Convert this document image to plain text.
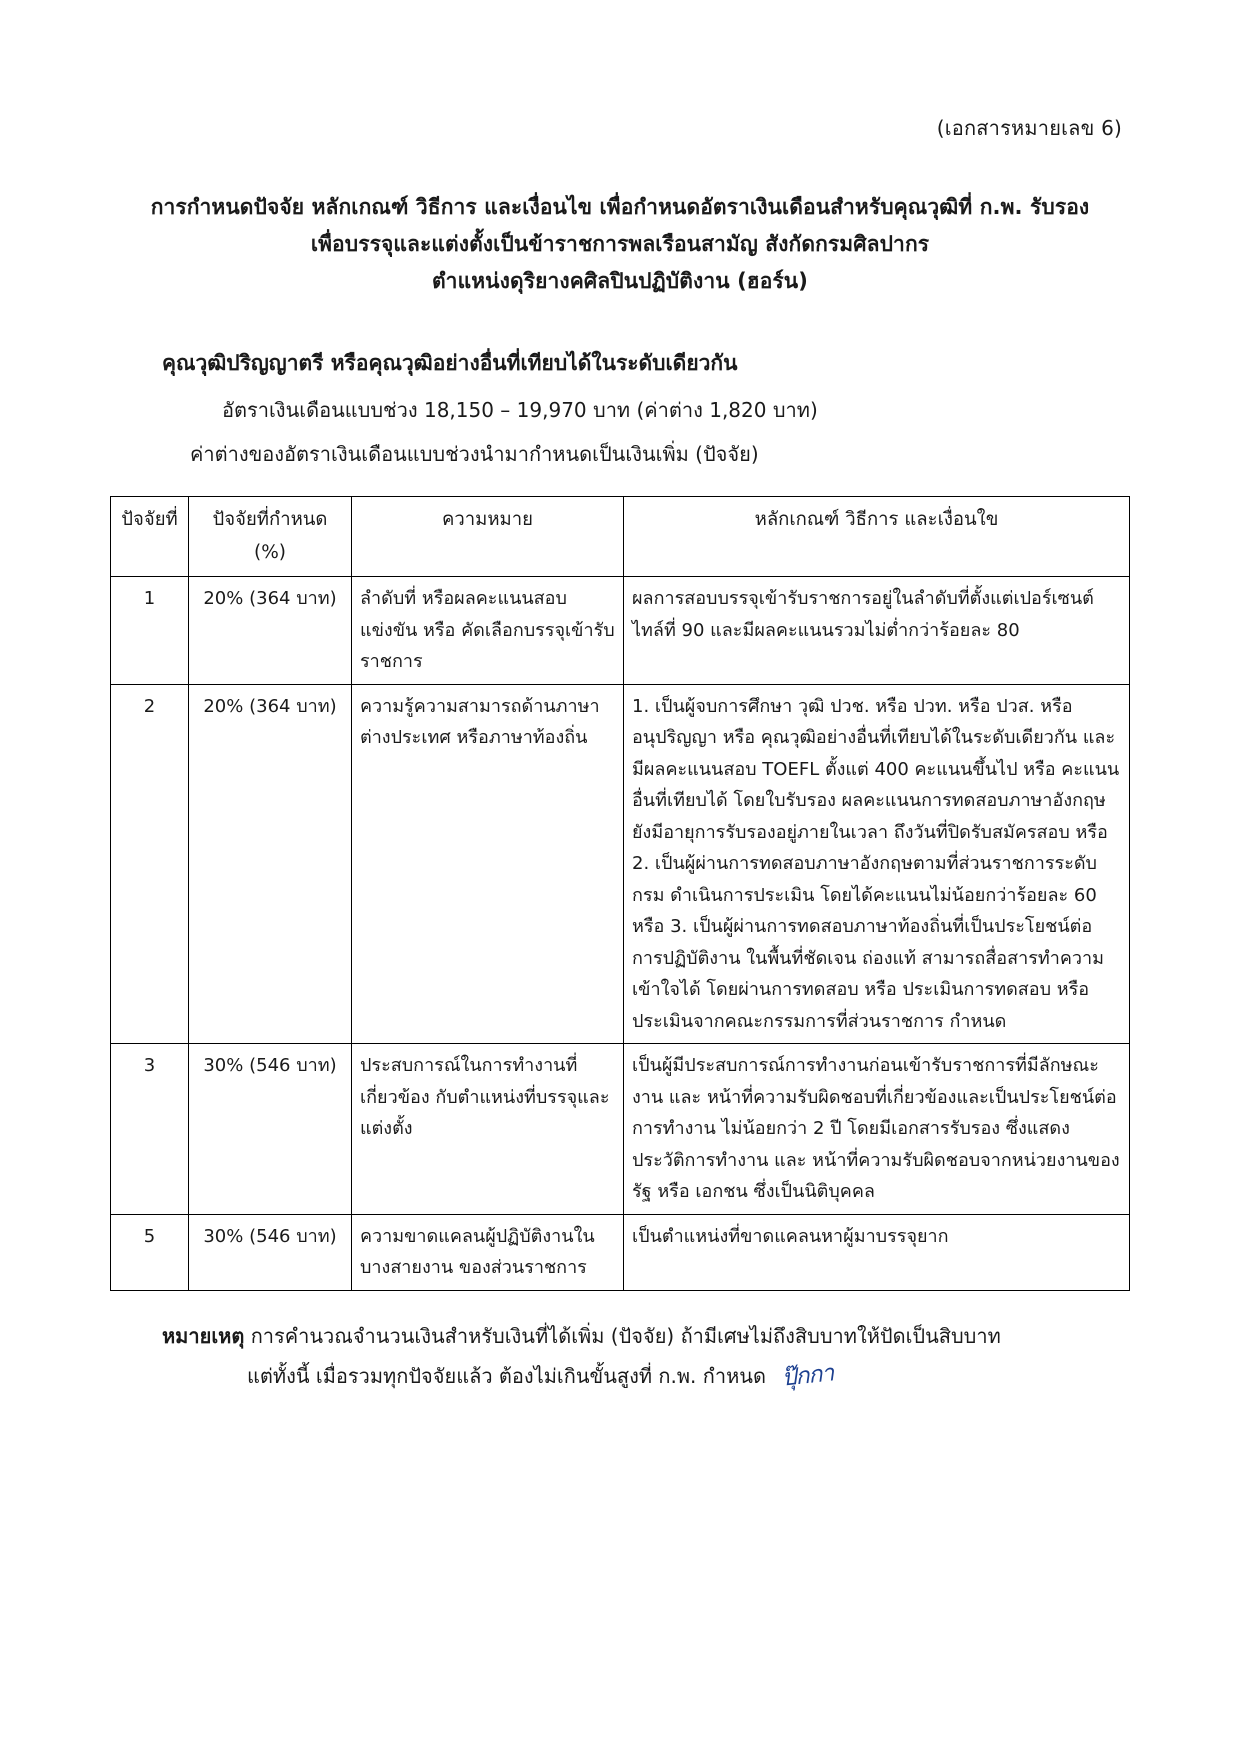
(เอกสารหมายเลข 6)
การกำหนดปัจจัย หลักเกณฑ์ วิธีการ และเงื่อนไข เพื่อกำหนดอัตราเงินเดือนสำหรับคุณวุฒิที่ ก.พ. รับรอง
เพื่อบรรจุและแต่งตั้งเป็นข้าราชการพลเรือนสามัญ สังกัดกรมศิลปากร
ตำแหน่งดุริยางคศิลปินปฏิบัติงาน (ฮอร์น)
คุณวุฒิปริญญาตรี หรือคุณวุฒิอย่างอื่นที่เทียบได้ในระดับเดียวกัน
อัตราเงินเดือนแบบช่วง 18,150 – 19,970 บาท (ค่าต่าง 1,820 บาท)
ค่าต่างของอัตราเงินเดือนแบบช่วงนำมากำหนดเป็นเงินเพิ่ม (ปัจจัย)
ปัจจัยที่	ปัจจัยที่กำหนด (%)	ความหมาย	หลักเกณฑ์ วิธีการ และเงื่อนใข
1	20% (364 บาท)	ลำดับที่ หรือผลคะแนนสอบแข่งขัน หรือ คัดเลือกบรรจุเข้ารับราชการ	ผลการสอบบรรจุเข้ารับราชการอยู่ในลำดับที่ตั้งแต่เปอร์เซนต์ไทล์ที่ 90 และมีผลคะแนนรวมไม่ต่ำกว่าร้อยละ 80
2	20% (364 บาท)	ความรู้ความสามารถด้านภาษาต่างประเทศ หรือภาษาท้องถิ่น	1. เป็นผู้จบการศึกษา วุฒิ ปวช. หรือ ปวท. หรือ ปวส. หรือ อนุปริญญา หรือ คุณวุฒิอย่างอื่นที่เทียบได้ในระดับเดียวกัน และมีผลคะแนนสอบ TOEFL ตั้งแต่ 400 คะแนนขึ้นไป หรือ คะแนนอื่นที่เทียบได้ โดยใบรับรอง ผลคะแนนการทดสอบภาษาอังกฤษยังมีอายุการรับรองอยู่ภายในเวลา ถึงวันที่ปิดรับสมัครสอบ หรือ 2. เป็นผู้ผ่านการทดสอบภาษาอังกฤษตามที่ส่วนราชการระดับกรม ดำเนินการประเมิน โดยได้คะแนนไม่น้อยกว่าร้อยละ 60 หรือ 3. เป็นผู้ผ่านการทดสอบภาษาท้องถิ่นที่เป็นประโยชน์ต่อการปฏิบัติงาน ในพื้นที่ชัดเจน ถ่องแท้ สามารถสื่อสารทำความเข้าใจได้ โดยผ่านการทดสอบ หรือ ประเมินการทดสอบ หรือ ประเมินจากคณะกรรมการที่ส่วนราชการ กำหนด
3	30% (546 บาท)	ประสบการณ์ในการทำงานที่เกี่ยวข้อง กับตำแหน่งที่บรรจุและแต่งตั้ง	เป็นผู้มีประสบการณ์การทำงานก่อนเข้ารับราชการที่มีลักษณะงาน และ หน้าที่ความรับผิดชอบที่เกี่ยวข้องและเป็นประโยชน์ต่อการทำงาน ไม่น้อยกว่า 2 ปี โดยมีเอกสารรับรอง ซึ่งแสดงประวัติการทำงาน และ หน้าที่ความรับผิดชอบจากหน่วยงานของรัฐ หรือ เอกชน ซึ่งเป็นนิติบุคคล
5	30% (546 บาท)	ความขาดแคลนผู้ปฏิบัติงานในบางสายงาน ของส่วนราชการ	เป็นตำแหน่งที่ขาดแคลนหาผู้มาบรรจุยาก
หมายเหตุ การคำนวณจำนวนเงินสำหรับเงินที่ได้เพิ่ม (ปัจจัย) ถ้ามีเศษไม่ถึงสิบบาทให้ปัดเป็นสิบบาท
แต่ทั้งนี้ เมื่อรวมทุกปัจจัยแล้ว ต้องไม่เกินขั้นสูงที่ ก.พ. กำหนด ปุ๊กกา
